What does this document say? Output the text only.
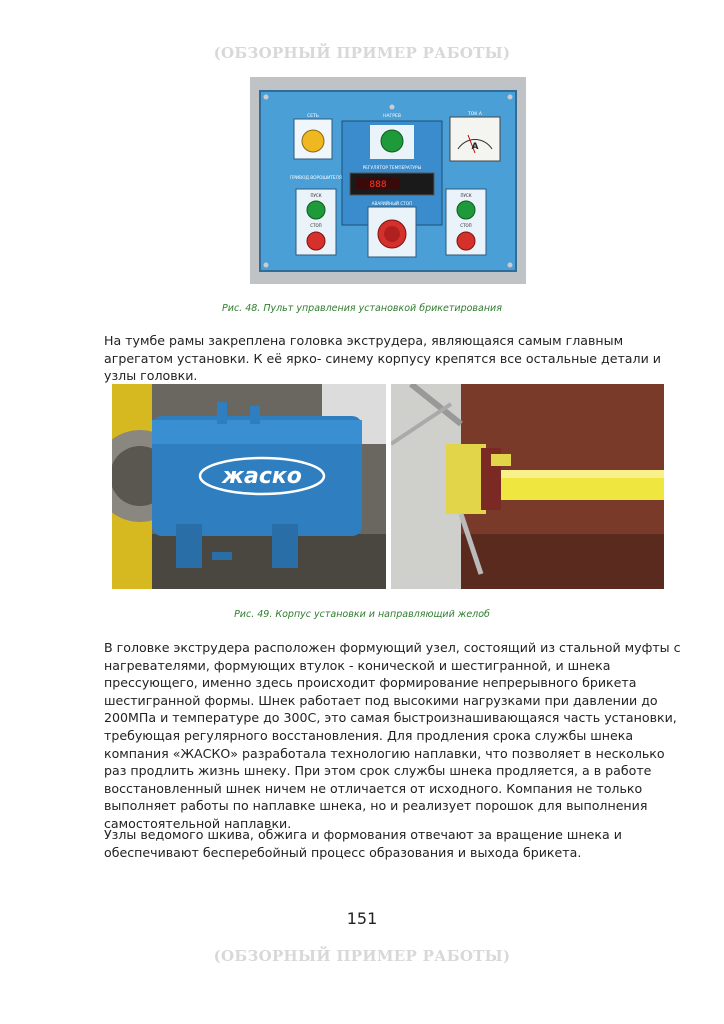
(ОБЗОРНЫЙ ПРИМЕР РАБОТЫ)
СЕТЬ	НАГРЕВ
РЕГУЛЯТОР ТЕМПЕРАТУРЫ
888
АВАРИЙНЫЙ СТОП
ТОК А
A
ПРИВОД ВОРОШИТЕЛЯ
ПУСК
СТОП
ПУСК
СТОП
Рис. 48. Пульт управления установкой брикетирования

На тумбе рамы закреплена головка экструдера, являющаяся самым главным агрегатом установки. К её ярко- синему корпусу крепятся все остальные детали и узлы головки.

жаско
Рис. 49. Корпус установки и направляющий желоб

В головке экструдера расположен формующий узел, состоящий из стальной муфты с нагревателями, формующих втулок - конической и шестигранной, и шнека прессующего, именно здесь происходит формирование непрерывного брикета шестигранной формы. Шнек работает под высокими нагрузками при давлении до 200МПа и температуре до 300С, это самая быстроизнашивающаяся часть установки, требующая регулярного восстановления. Для продления срока службы шнека компания «ЖАСКО» разработала технологию наплавки, что позволяет в несколько раз продлить жизнь шнеку. При этом срок службы шнека продляется, а в работе восстановленный шнек ничем не отличается от исходного. Компания не только выполняет работы по наплавке шнека, но и реализует порошок для выполнения самостоятельной наплавки.

Узлы ведомого шкива, обжига и формования отвечают за вращение шнека и обеспечивают бесперебойный процесс образования и выхода брикета.

151
(ОБЗОРНЫЙ ПРИМЕР РАБОТЫ)
